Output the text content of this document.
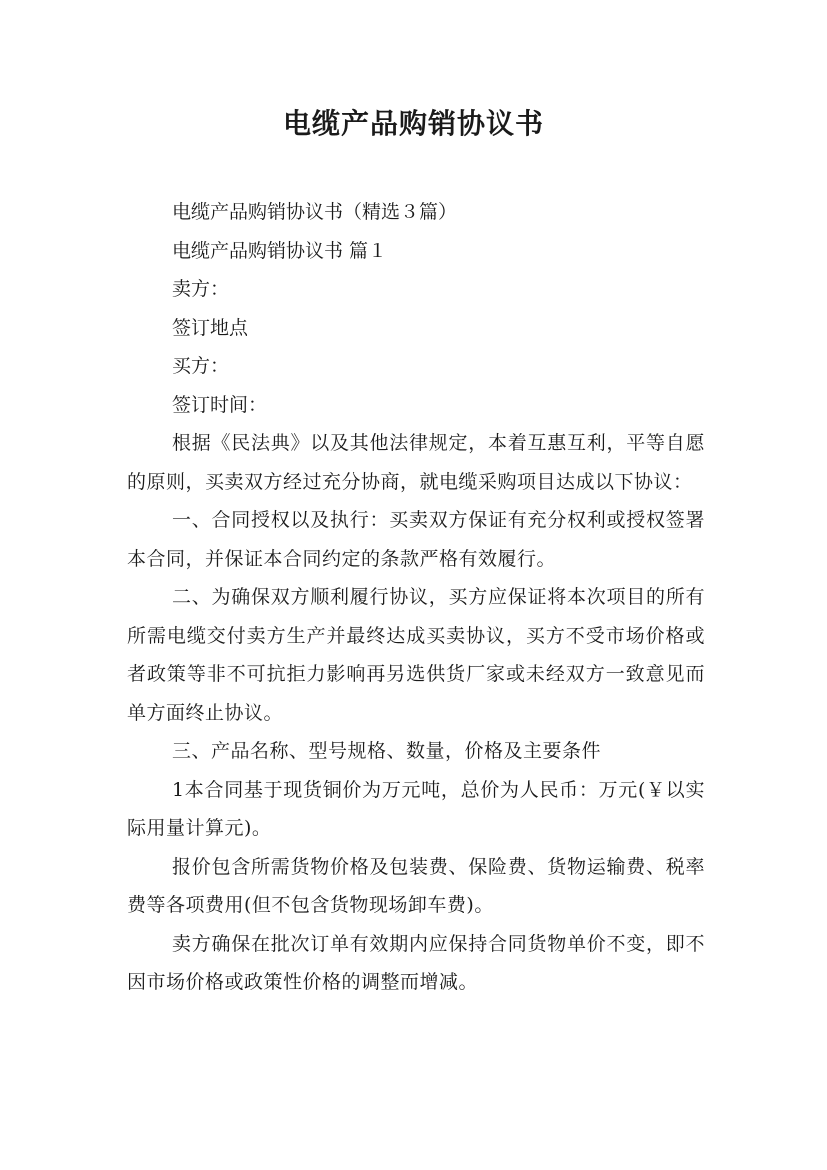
电缆产品购销协议书

电缆产品购销协议书（精选３篇）

电缆产品购销协议书 篇１

卖方：

签订地点

买方：

签订时间：

根据《民法典》以及其他法律规定，本着互惠互利，平等自愿的原则，买卖双方经过充分协商，就电缆采购项目达成以下协议：

一、合同授权以及执行：买卖双方保证有充分权利或授权签署本合同，并保证本合同约定的条款严格有效履行。

二、为确保双方顺利履行协议，买方应保证将本次项目的所有所需电缆交付卖方生产并最终达成买卖协议，买方不受市场价格或者政策等非不可抗拒力影响再另选供货厂家或未经双方一致意见而单方面终止协议。

三、产品名称、型号规格、数量，价格及主要条件

1本合同基于现货铜价为万元吨，总价为人民币：万元(￥以实际用量计算元)。

报价包含所需货物价格及包装费、保险费、货物运输费、税率费等各项费用(但不包含货物现场卸车费)。

卖方确保在批次订单有效期内应保持合同货物单价不变，即不因市场价格或政策性价格的调整而增减。
